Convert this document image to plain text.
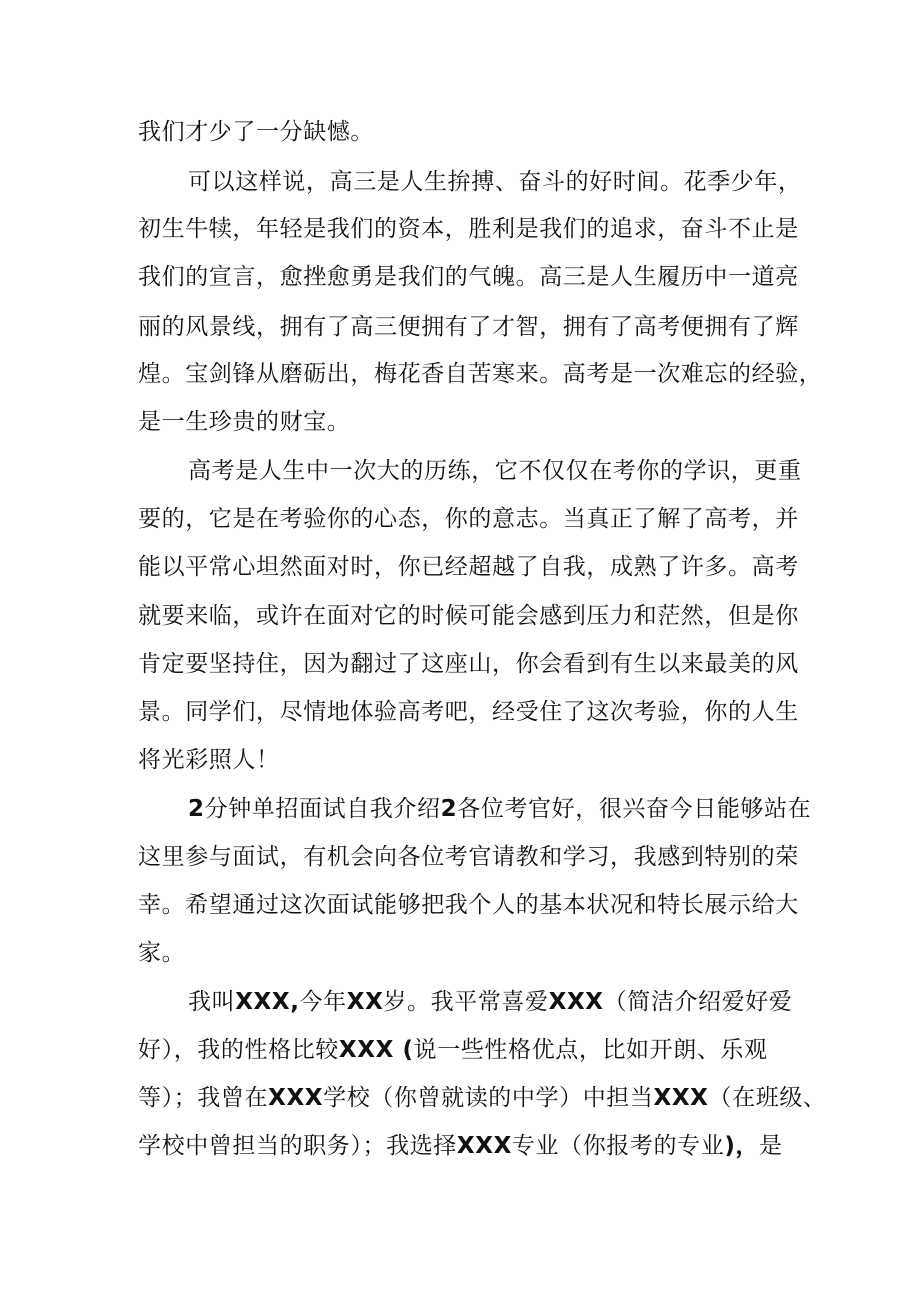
我们才少了一分缺憾。
可以这样说，高三是人生拚搏、奋斗的好时间。花季少年，
初生牛犊，年轻是我们的资本，胜利是我们的追求，奋斗不止是
我们的宣言，愈挫愈勇是我们的气魄。高三是人生履历中一道亮
丽的风景线，拥有了高三便拥有了才智，拥有了高考便拥有了辉
煌。宝剑锋从磨砺出，梅花香自苦寒来。高考是一次难忘的经验，
是一生珍贵的财宝。
高考是人生中一次大的历练，它不仅仅在考你的学识，更重
要的，它是在考验你的心态，你的意志。当真正了解了高考，并
能以平常心坦然面对时，你已经超越了自我，成熟了许多。高考
就要来临，或许在面对它的时候可能会感到压力和茫然，但是你
肯定要坚持住，因为翻过了这座山，你会看到有生以来最美的风
景。同学们，尽情地体验高考吧，经受住了这次考验，你的人生
将光彩照人！
2分钟单招面试自我介绍2各位考官好，很兴奋今日能够站在
这里参与面试，有机会向各位考官请教和学习，我感到特别的荣
幸。希望通过这次面试能够把我个人的基本状况和特长展示给大
家。
我叫XXX,今年XX岁。我平常喜爱XXX（简洁介绍爱好爱
好），我的性格比较XXX (说一些性格优点，比如开朗、乐观
等）；我曾在XXX学校（你曾就读的中学）中担当XXX（在班级、
学校中曾担当的职务）；我选择XXX专业（你报考的专业)，是
